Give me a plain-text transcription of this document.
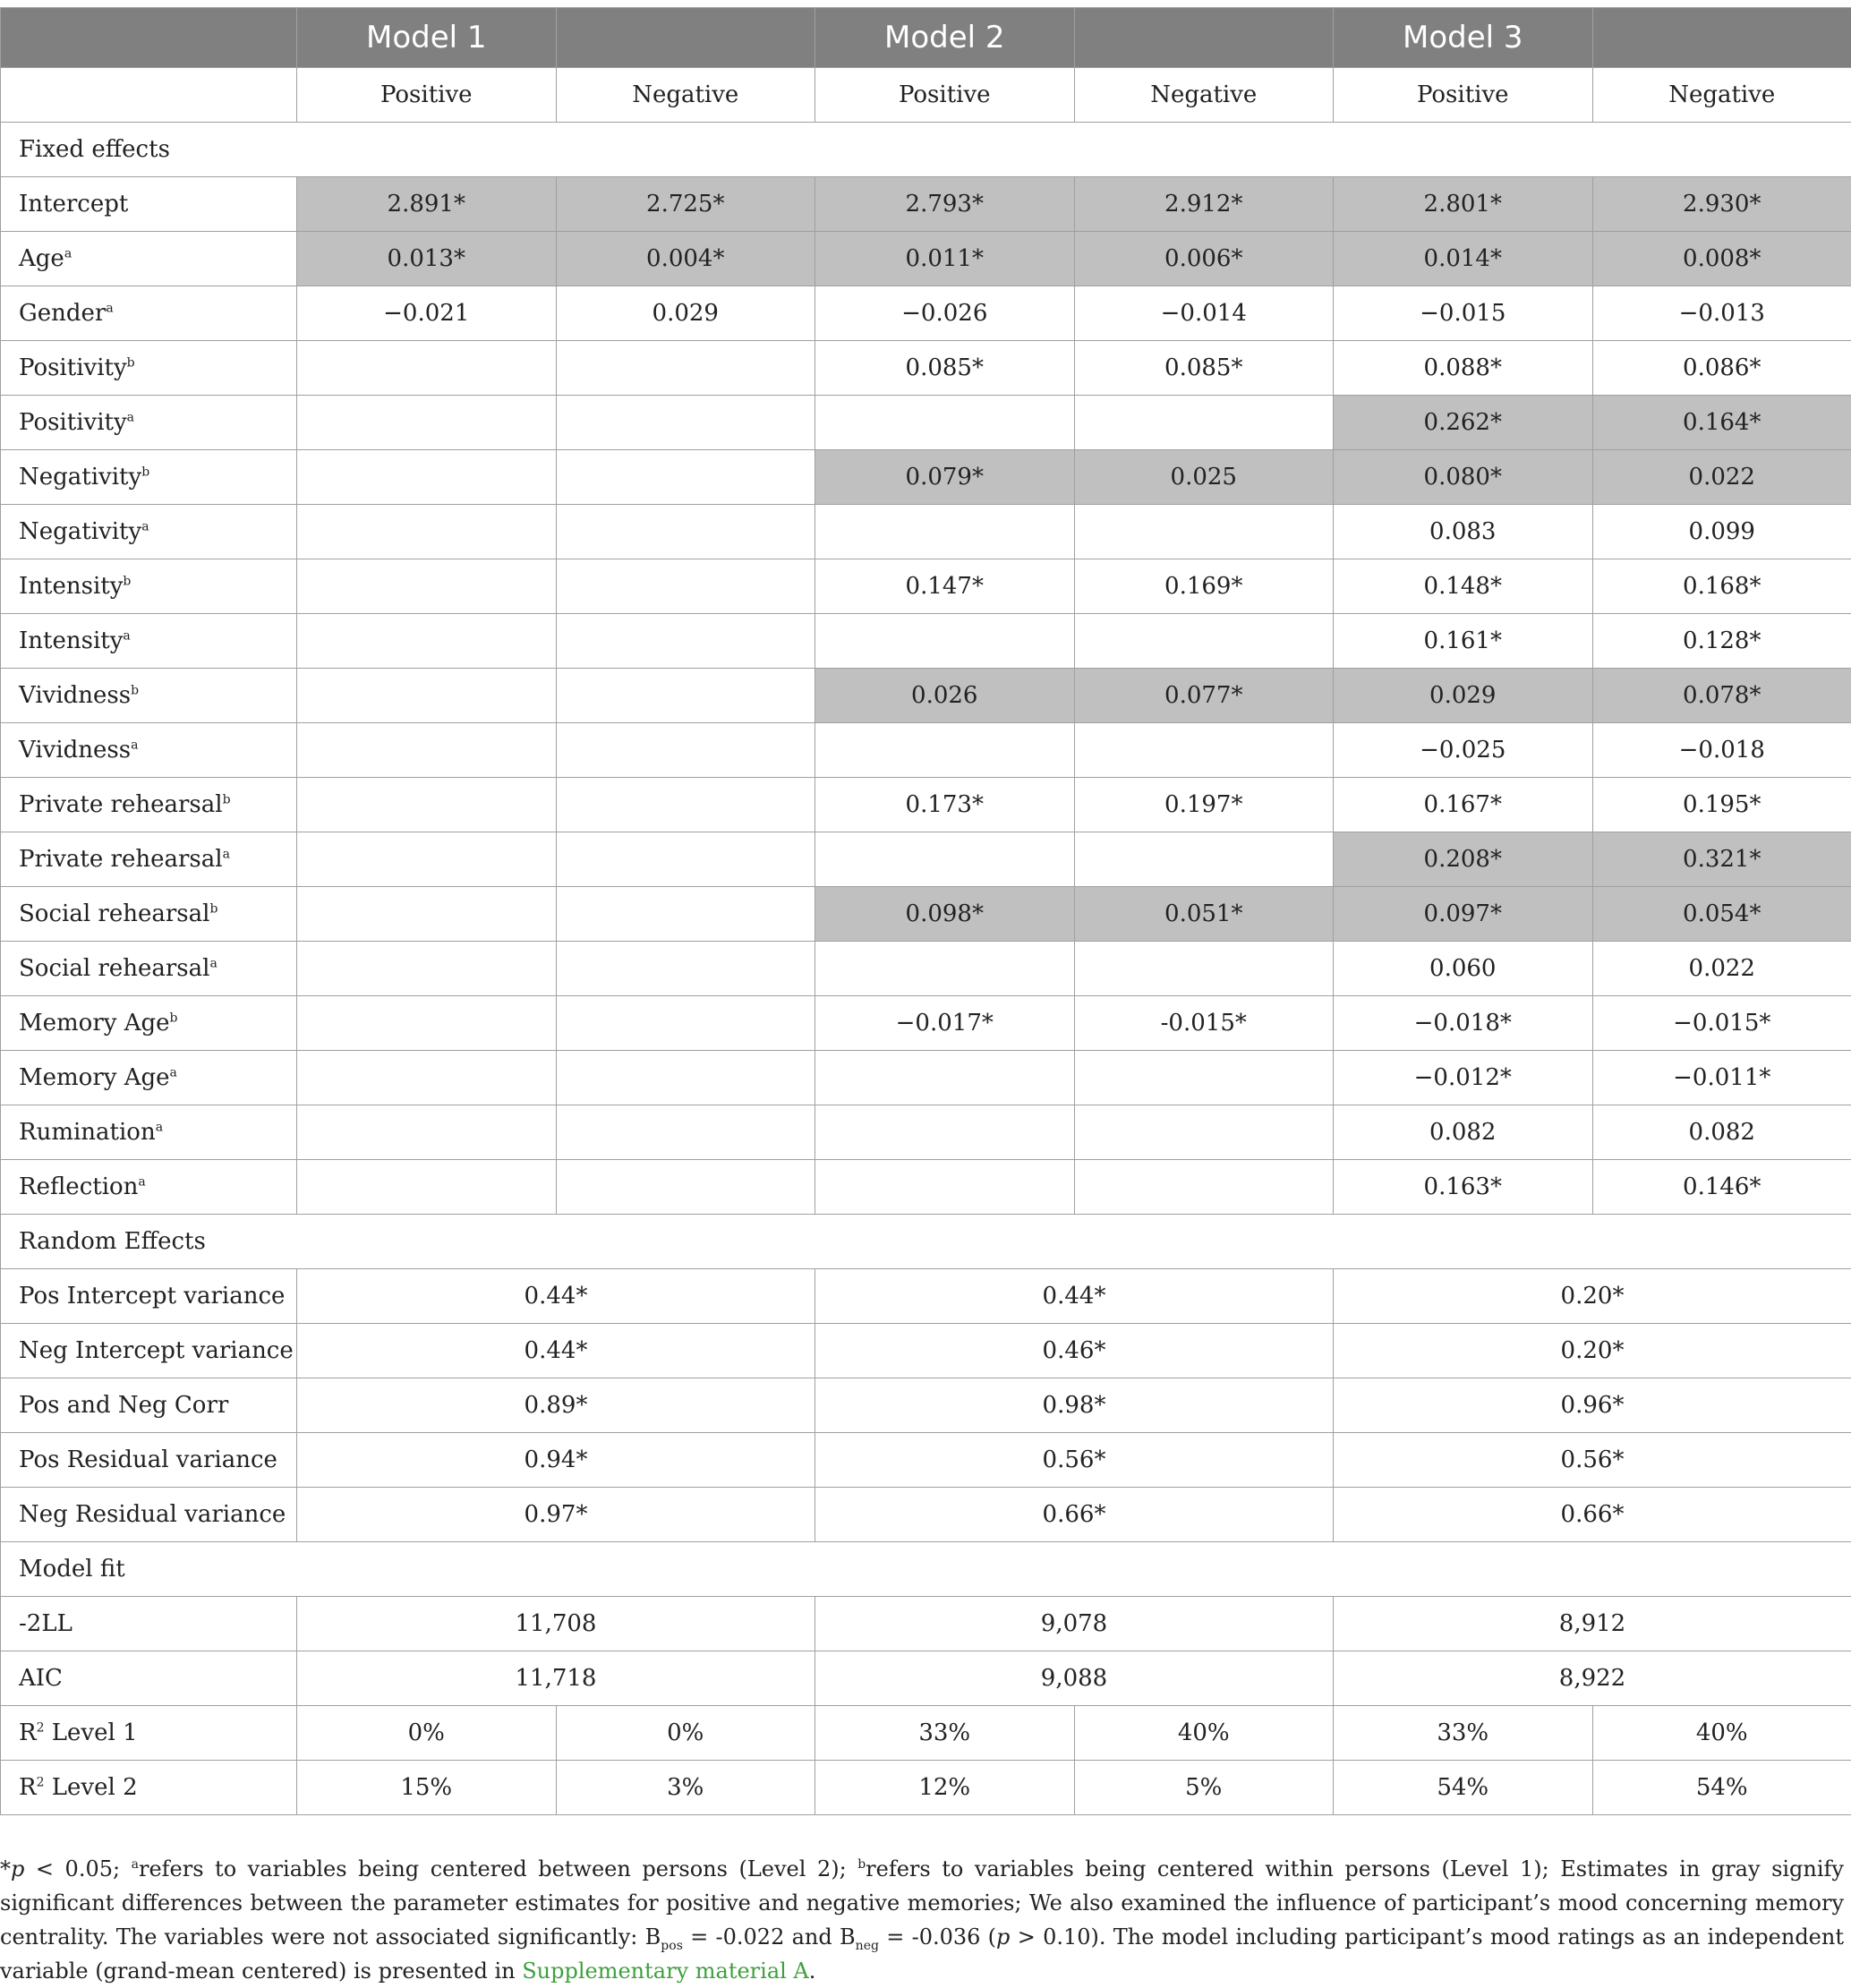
	Model 1		Model 2		Model 3	
	Positive	Negative	Positive	Negative	Positive	Negative
Fixed effects						
Intercept	2.891*	2.725*	2.793*	2.912*	2.801*	2.930*
Age$^a$	0.013*	0.004*	0.011*	0.006*	0.014*	0.008*
Gender$^a$	−0.021	0.029	−0.026	−0.014	−0.015	−0.013
Positivity$^b$			0.085*	0.085*	0.088*	0.086*
Positivity$^a$					0.262*	0.164*
Negativity$^b$			0.079*	0.025	0.080*	0.022
Negativity$^a$					0.083	0.099
Intensity$^b$			0.147*	0.169*	0.148*	0.168*
Intensity$^a$					0.161*	0.128*
Vividness$^b$			0.026	0.077*	0.029	0.078*
Vividness$^a$					−0.025	−0.018
Private rehearsal$^b$			0.173*	0.197*	0.167*	0.195*
Private rehearsal$^a$					0.208*	0.321*
Social rehearsal$^b$			0.098*	0.051*	0.097*	0.054*
Social rehearsal$^a$					0.060	0.022
Memory Age$^b$			−0.017*	-0.015*	−0.018*	−0.015*
Memory Age$^a$					−0.012*	−0.011*
Rumination$^a$					0.082	0.082
Reflection$^a$					0.163*	0.146*
Random Effects						
Pos Intercept variance	0.44*		0.44*		0.20*	
Neg Intercept variance	0.44*		0.46*		0.20*	
Pos and Neg Corr	0.89*		0.98*		0.96*	
Pos Residual variance	0.94*		0.56*		0.56*	
Neg Residual variance	0.97*		0.66*		0.66*	
Model fit						
-2LL	11,708		9,078		8,912	
AIC	11,718		9,088		8,922	
$R^2$ Level 1	0%	0%	33%	40%	33%	40%
$R^2$ Level 2	15%	3%	12%	5%	54%	54%
*p < 0.05; $^a$refers to variables being centered between persons (Level 2); $^b$refers to variables being centered within persons (Level 1); Estimates in gray signify significant differences between the parameter estimates for positive and negative memories; We also examined the influence of participant’s mood concerning memory centrality. The variables were not associated significantly: $B_{pos} = -0.022$ and $B_{neg} = -0.036$ (p > 0.10). The model including participant’s mood ratings as an independent variable (grand-mean centered) is presented in Supplementary material A.
